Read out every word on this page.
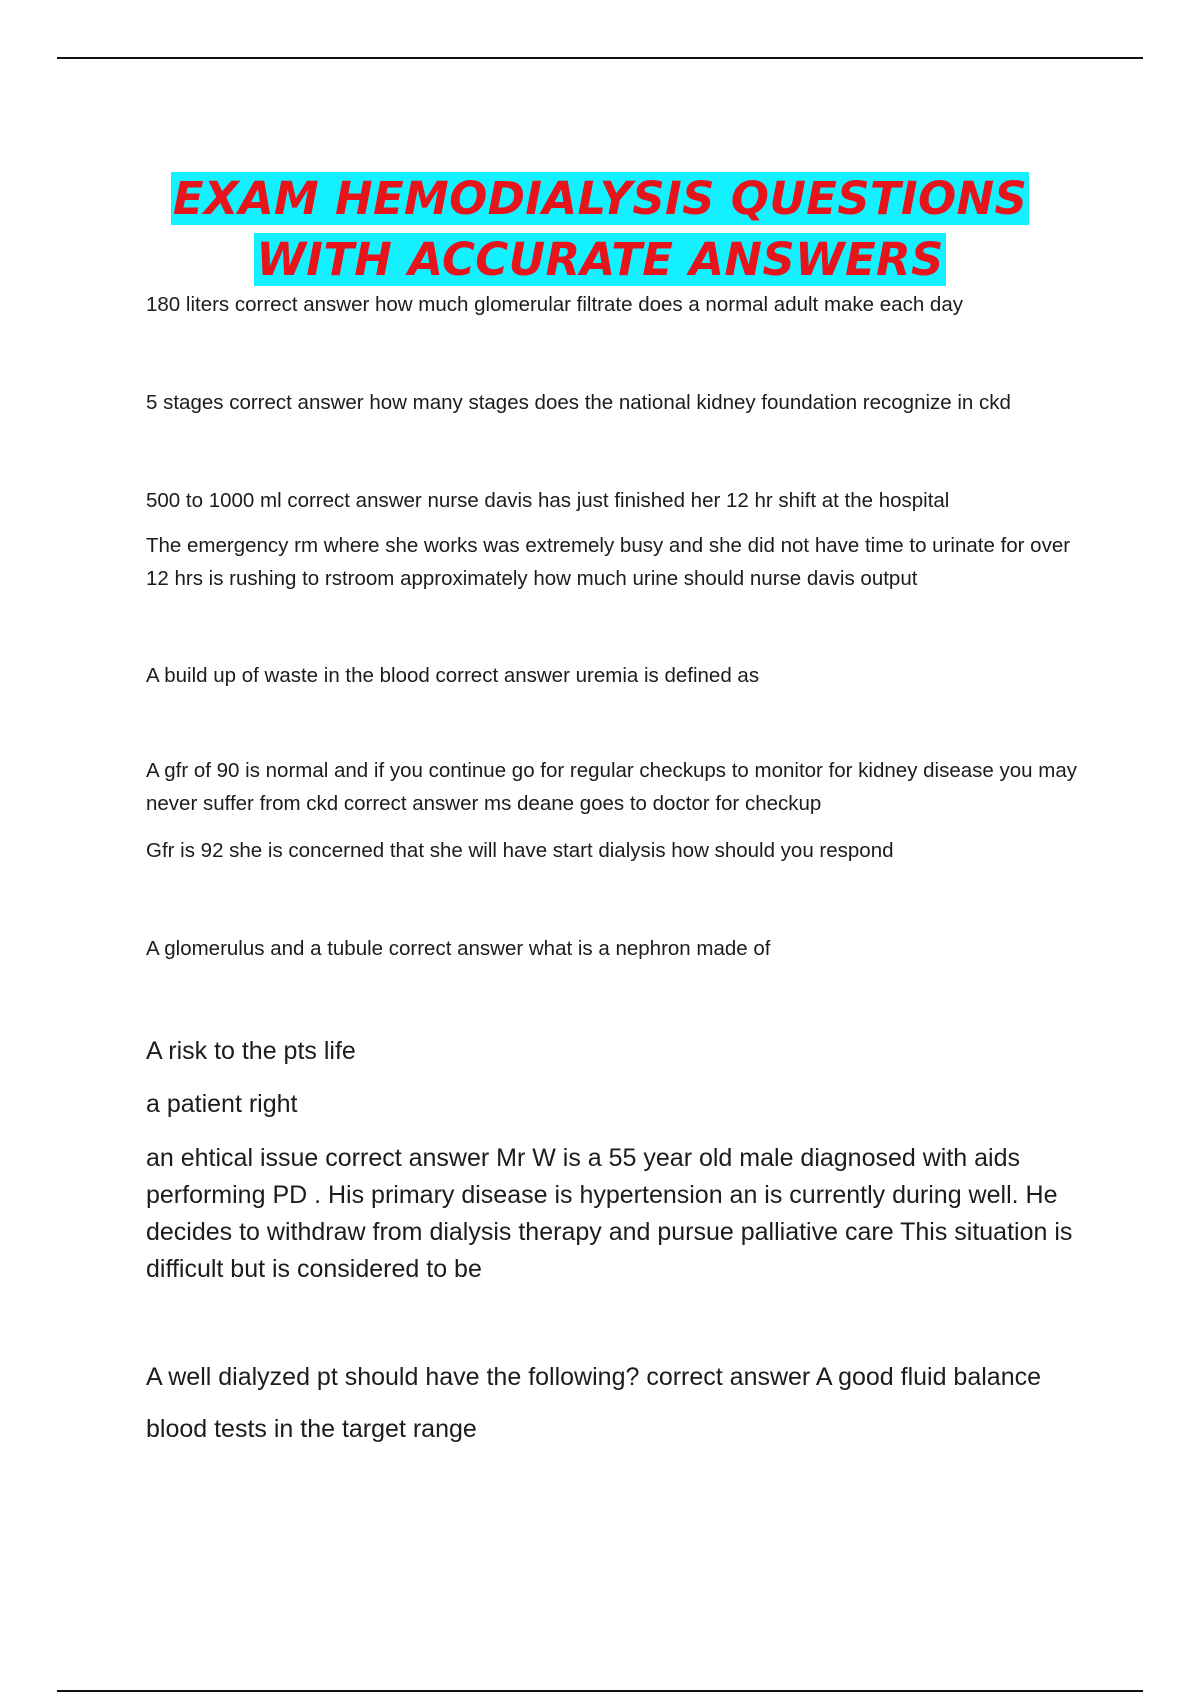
EXAM HEMODIALYSIS QUESTIONS
WITH ACCURATE ANSWERS

180 liters correct answer how much glomerular filtrate does a normal adult make each day

5 stages correct answer how many stages does the national kidney foundation recognize in ckd

500 to 1000 ml correct answer nurse davis has just finished her 12 hr shift at the hospital

The emergency rm where she works was extremely busy and she did not have time to urinate for over 12 hrs is rushing to rstroom approximately how much urine should nurse davis output

A build up of waste in the blood correct answer uremia is defined as

A gfr of 90 is normal and if you continue go for regular checkups to monitor for kidney disease you may never suffer from ckd correct answer ms deane goes to doctor for checkup

Gfr is 92 she is concerned that she will have start dialysis how should you respond

A glomerulus and a tubule correct answer what is a nephron made of

A risk to the pts life

a patient right

an ehtical issue correct answer Mr W is a 55 year old male diagnosed with aids performing PD . His primary disease is hypertension an is currently during well. He decides to withdraw from dialysis therapy and pursue palliative care This situation is difficult but is considered to be

A well dialyzed pt should have the following? correct answer A good fluid balance

blood tests in the target range
